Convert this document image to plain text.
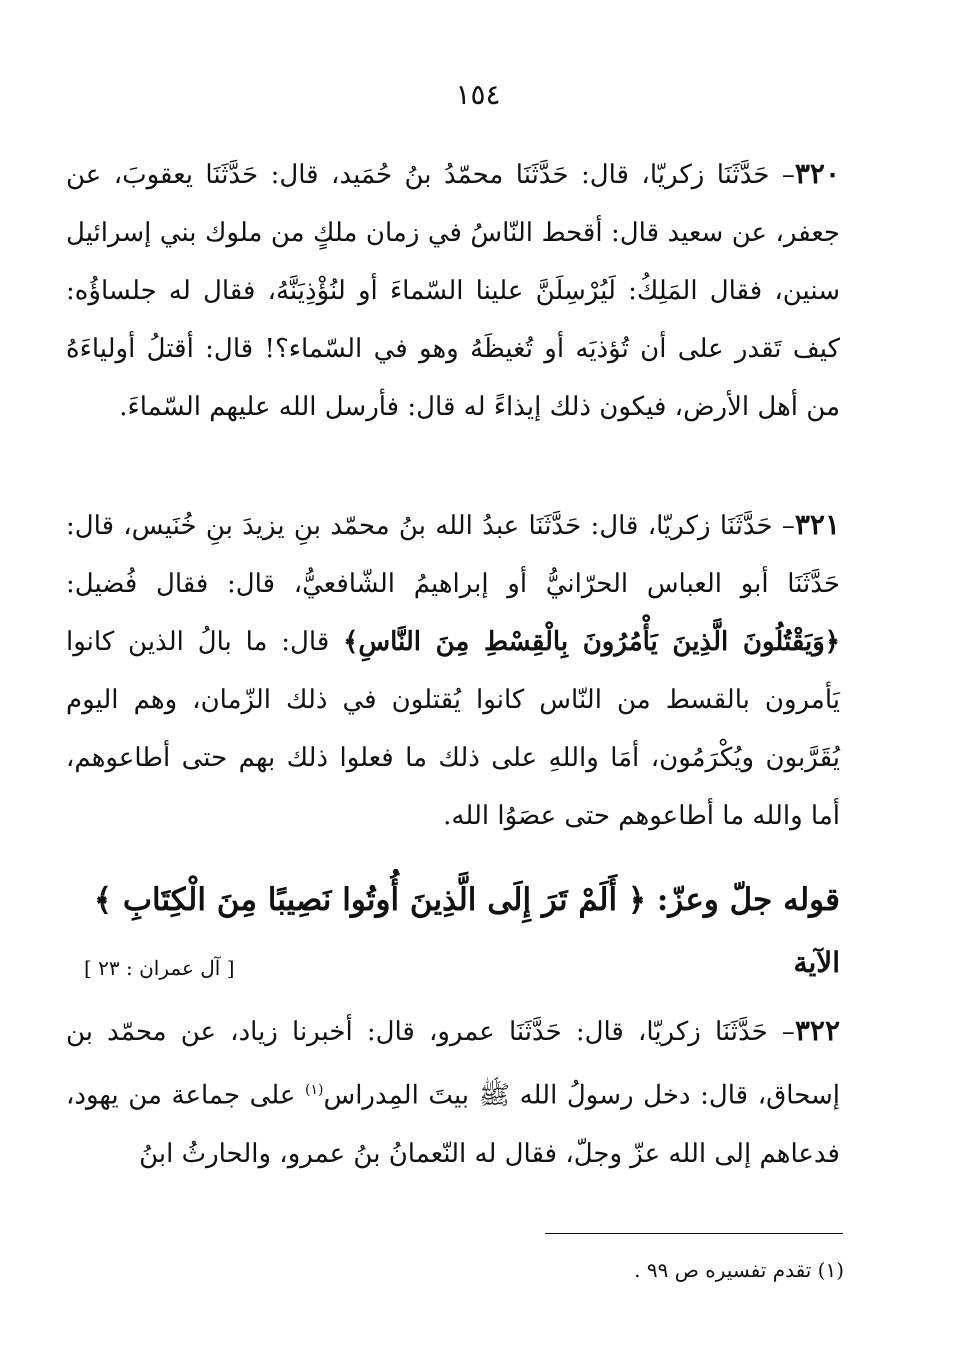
١٥٤

٣٢٠– حَدَّثَنَا زكريّا، قال: حَدَّثَنَا محمّدُ بنُ حُمَيد، قال: حَدَّثَنَا يعقوبَ، عن جعفر، عن سعيد قال: أقحط النّاسُ في زمان ملكٍ من ملوك بني إسرائيل سنين، فقال المَلِكُ: لَيُرْسِلَنَّ علينا السّماءَ أو لنُؤْذِيَنَّهُ، فقال له جلساؤُه: كيف تَقدر على أن تُؤذيَه أو تُغيظَهُ وهو في السّماء؟! قال: أقتلُ أولياءَهُ من أهل الأرض، فيكون ذلك إيذاءً له قال: فأرسل الله عليهم السّماءَ.

٣٢١– حَدَّثَنَا زكريّا، قال: حَدَّثَنَا عبدُ الله بنُ محمّد بنِ يزيدَ بنِ خُنَيس، قال: حَدَّثَنَا أبو العباس الحرّانيُّ أو إبراهيمُ الشّافعيُّ، قال: فقال فُضيل: ﴿وَيَقْتُلُونَ الَّذِينَ يَأْمُرُونَ بِالْقِسْطِ مِنَ النَّاسِ﴾ قال: ما بالُ الذين كانوا يَأمرون بالقسط من النّاس كانوا يُقتلون في ذلك الزّمان، وهم اليوم يُقَرَّبون ويُكْرَمُون، أمَا واللهِ على ذلك ما فعلوا ذلك بهم حتى أطاعوهم، أما والله ما أطاعوهم حتى عصَوُا الله.

قوله جلّ وعزّ: ﴿ أَلَمْ تَرَ إِلَى الَّذِينَ أُوتُوا نَصِيبًا مِنَ الْكِتَابِ ﴾
الآية
[ آل عمران : ٢٣ ]

٣٢٢– حَدَّثَنَا زكريّا، قال: حَدَّثَنَا عمرو، قال: أخبرنا زياد، عن محمّد بن إسحاق، قال: دخل رسولُ الله ﷺ بيتَ المِدراس$^{(١)}$ على جماعة من يهود، فدعاهم إلى الله عزّ وجلّ، فقال له النّعمانُ بنُ عمرو، والحارثُ ابنُ

(١) تقدم تفسيره ص ٩٩ .
